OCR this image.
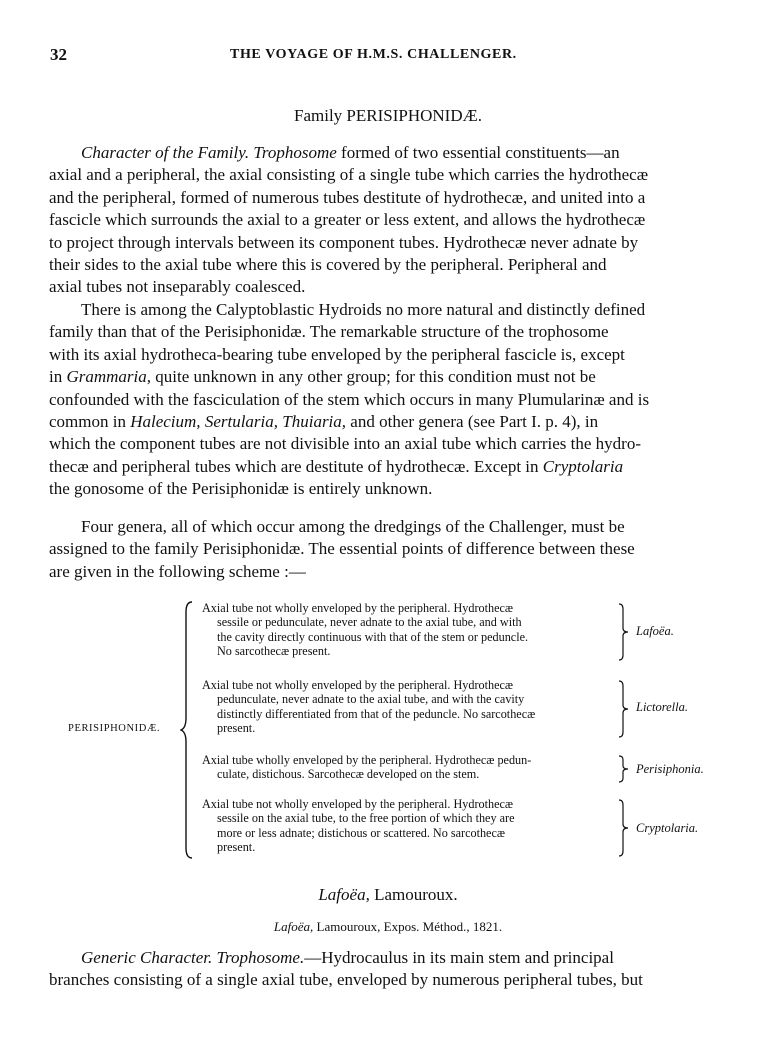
32	THE VOYAGE OF H.M.S. CHALLENGER.
Family PERISIPHONIDÆ.

Character of the Family. Trophosome formed of two essential constituents—an

axial and a peripheral, the axial consisting of a single tube which carries the hydrothecæ

and the peripheral, formed of numerous tubes destitute of hydrothecæ, and united into a

fascicle which surrounds the axial to a greater or less extent, and allows the hydrothecæ

to project through intervals between its component tubes. Hydrothecæ never adnate by

their sides to the axial tube where this is covered by the peripheral. Peripheral and

axial tubes not inseparably coalesced.

There is among the Calyptoblastic Hydroids no more natural and distinctly defined

family than that of the Perisiphonidæ. The remarkable structure of the trophosome

with its axial hydrotheca-bearing tube enveloped by the peripheral fascicle is, except

in Grammaria, quite unknown in any other group; for this condition must not be

confounded with the fasciculation of the stem which occurs in many Plumularinæ and is

common in Halecium, Sertularia, Thuiaria, and other genera (see Part I. p. 4), in

which the component tubes are not divisible into an axial tube which carries the hydro-

thecæ and peripheral tubes which are destitute of hydrothecæ. Except in Cryptolaria

the gonosome of the Perisiphonidæ is entirely unknown.

Four genera, all of which occur among the dredgings of the Challenger, must be

assigned to the family Perisiphonidæ. The essential points of difference between these

are given in the following scheme :—

PERISIPHONIDÆ.
Axial tube not wholly enveloped by the peripheral. Hydrothecæ
sessile or pedunculate, never adnate to the axial tube, and with
the cavity directly continuous with that of the stem or peduncle.
No sarcothecæ present.
Lafoëa.
Axial tube not wholly enveloped by the peripheral. Hydrothecæ
pedunculate, never adnate to the axial tube, and with the cavity
distinctly differentiated from that of the peduncle. No sarcothecæ
present.
Lictorella.
Axial tube wholly enveloped by the peripheral. Hydrothecæ pedun-
culate, distichous. Sarcothecæ developed on the stem.	Perisiphonia.
Axial tube not wholly enveloped by the peripheral. Hydrothecæ
sessile on the axial tube, to the free portion of which they are
more or less adnate; distichous or scattered. No sarcothecæ
present.
Cryptolaria.
Lafoëa, Lamouroux.
Lafoëa, Lamouroux, Expos. Méthod., 1821.

Generic Character. Trophosome.—Hydrocaulus in its main stem and principal

branches consisting of a single axial tube, enveloped by numerous peripheral tubes, but
